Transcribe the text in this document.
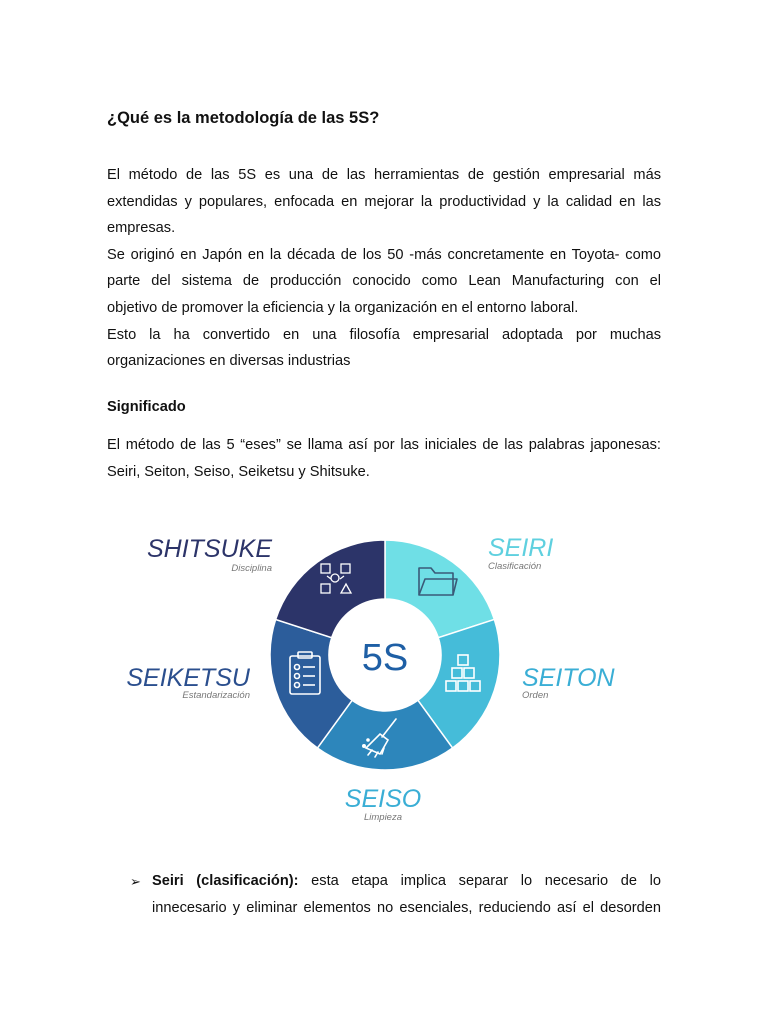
¿Qué es la metodología de las 5S?

El método de las 5S es una de las herramientas de gestión empresarial más
extendidas y populares, enfocada en mejorar la productividad y la calidad en las
empresas.
Se originó en Japón en la década de los 50 -más concretamente en Toyota- como
parte del sistema de producción conocido como Lean Manufacturing con el
objetivo de promover la eficiencia y la organización en el entorno laboral.
Esto la ha convertido en una filosofía empresarial adoptada por muchas
organizaciones en diversas industrias

Significado

El método de las 5 “eses” se llama así por las iniciales de las palabras japonesas:
Seiri, Seiton, Seiso, Seiketsu y Shitsuke.

5S
SEIRI
Clasificación
SEITON
Orden
SEISO
Limpieza
SEIKETSU
Estandarización
SHITSUKE
Disciplina
➢ Seiri (clasificación): esta etapa implica separar lo necesario de lo
innecesario y eliminar elementos no esenciales, reduciendo así el desorden
